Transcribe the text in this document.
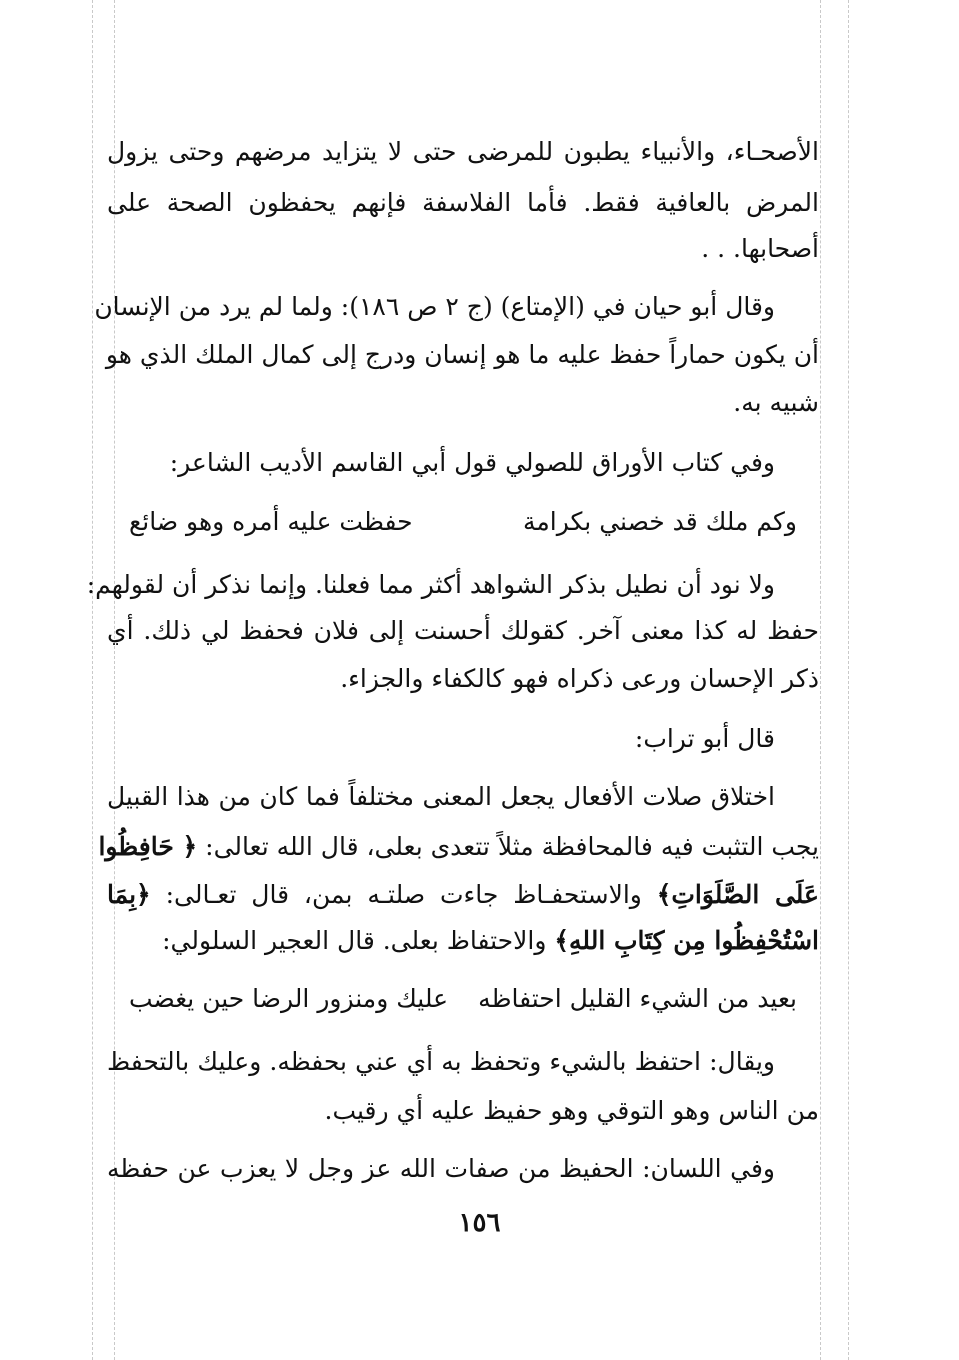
الأصحـاء، والأنبياء يطبون للمرضى حتى لا يتزايد مرضهم وحتى يزول
المرض بالعافية فقط. فأما الفلاسفة فإنهم يحفظون الصحة على
أصحابها. . .
وقال أبو حيان في (الإمتاع) (ج ٢ ص ١٨٦): ولما لم يرد من الإنسان
أن يكون حماراً حفظ عليه ما هو إنسان ودرج إلى كمال الملك الذي هو
شبيه به.
وفي كتاب الأوراق للصولي قول أبي القاسم الأديب الشاعر:
وكم ملك قد خصني بكرامة
حفظت عليه أمره وهو ضائع
ولا نود أن نطيل بذكر الشواهد أكثر مما فعلنا. وإنما نذكر أن لقولهم:
حفظ له كذا معنى آخر. كقولك أحسنت إلى فلان فحفظ لي ذلك. أي
ذكر الإحسان ورعى ذكراه فهو كالكفاء والجزاء.
قال أبو تراب:
اختلاق صلات الأفعال يجعل المعنى مختلفاً فما كان من هذا القبيل
يجب التثبت فيه فالمحافظة مثلاً تتعدى بعلى، قال الله تعالى: ﴿ حَافِظُوا
عَلَى الصَّلَوَاتِ﴾ والاستحفـاظ جاءت صلتـه بمن، قال تعـالى: ﴿بِمَا
اسْتُحْفِظُوا مِن كِتَابِ اللهِ﴾ والاحتفاظ بعلى. قال العجير السلولي:
بعيد من الشيء القليل احتفاظه
عليك ومنزور الرضا حين يغضب
ويقال: احتفظ بالشيء وتحفظ به أي عني بحفظه. وعليك بالتحفظ
من الناس وهو التوقي وهو حفيظ عليه أي رقيب.
وفي اللسان: الحفيظ من صفات الله عز وجل لا يعزب عن حفظه
١٥٦
